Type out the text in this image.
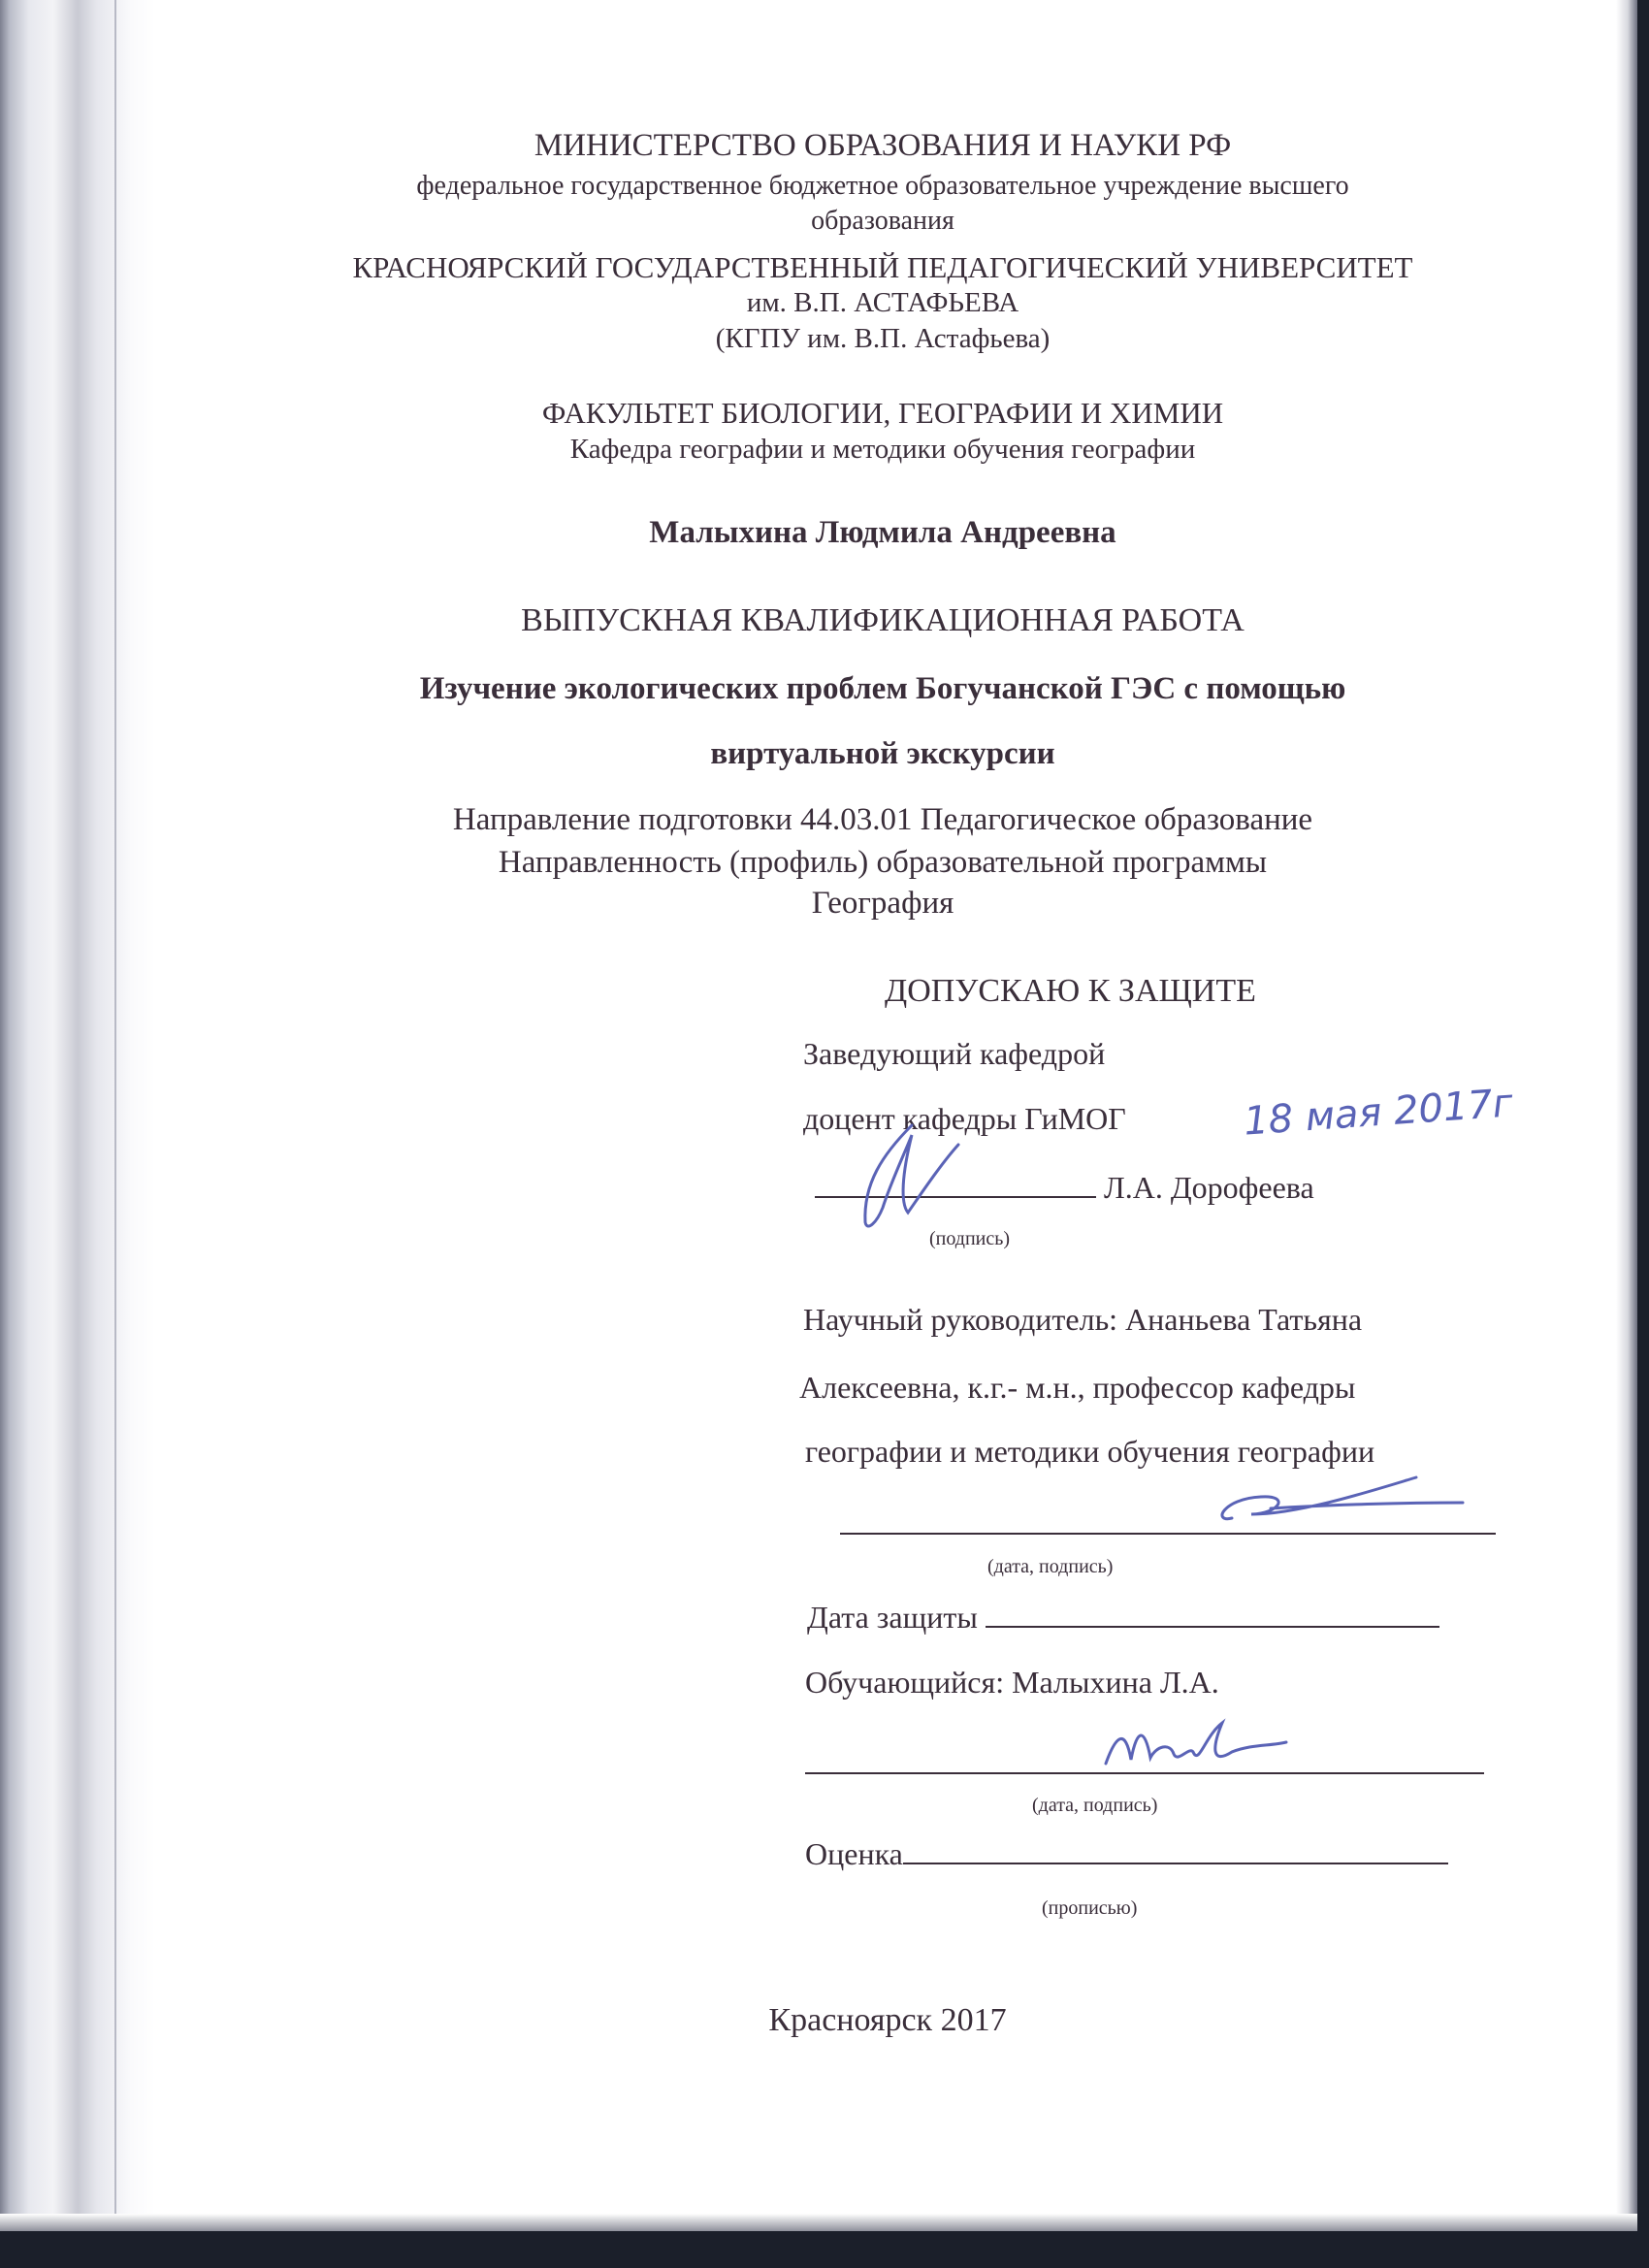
МИНИСТЕРСТВО ОБРАЗОВАНИЯ И НАУКИ РФ
федеральное государственное бюджетное образовательное учреждение высшего
образования
КРАСНОЯРСКИЙ ГОСУДАРСТВЕННЫЙ ПЕДАГОГИЧЕСКИЙ УНИВЕРСИТЕТ
им. В.П. АСТАФЬЕВА
(КГПУ им. В.П. Астафьева)
ФАКУЛЬТЕТ БИОЛОГИИ, ГЕОГРАФИИ И ХИМИИ
Кафедра географии и методики обучения географии
Малыхина Людмила Андреевна
ВЫПУСКНАЯ КВАЛИФИКАЦИОННАЯ РАБОТА
Изучение экологических проблем Богучанской ГЭС с помощью
виртуальной экскурсии
Направление подготовки 44.03.01 Педагогическое образование
Направленность (профиль) образовательной программы
География
ДОПУСКАЮ К ЗАЩИТЕ
Заведующий кафедрой
доцент кафедры ГиМОГ	18 мая 2017г
Л.А. Дорофеева
(подпись)
Научный руководитель: Ананьева Татьяна
Алексеевна, к.г.- м.н., профессор кафедры
географии и методики обучения географии
(дата, подпись)
Дата защиты
Обучающийся: Малыхина Л.А.
(дата, подпись)
Оценка
(прописью)
Красноярск 2017
